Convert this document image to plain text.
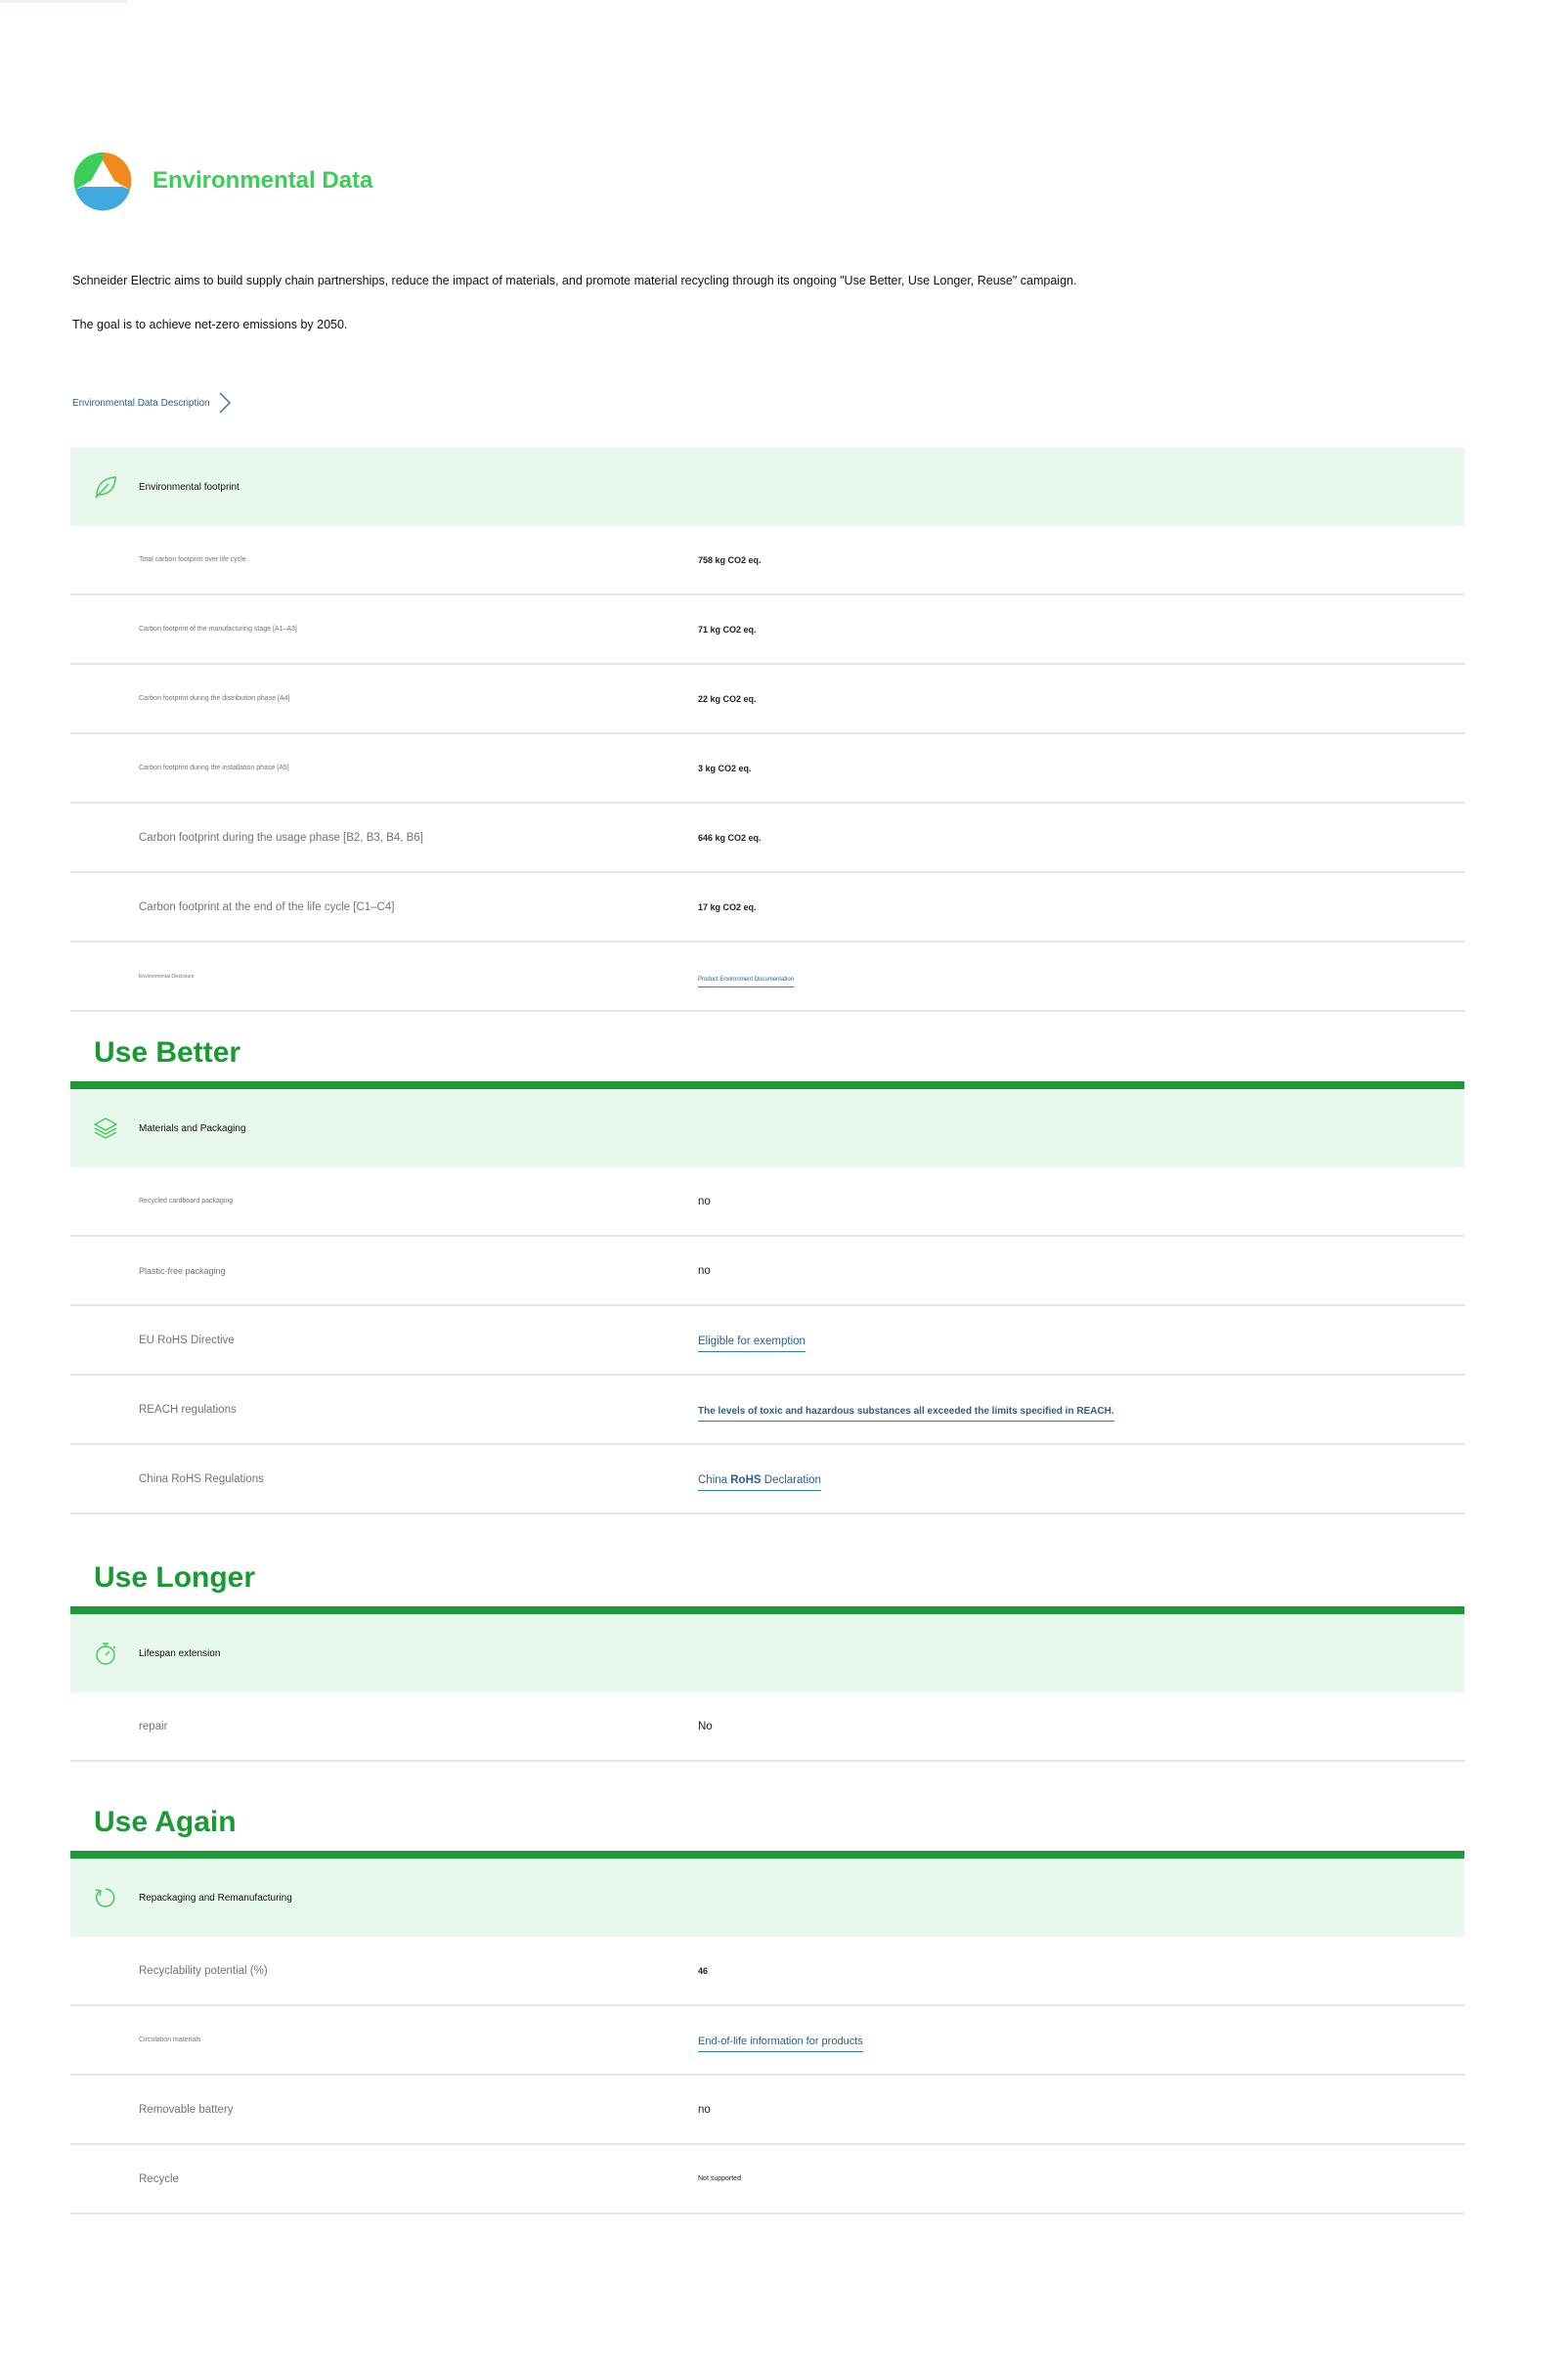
Environmental Data
Schneider Electric aims to build supply chain partnerships, reduce the impact of materials, and promote material recycling through its ongoing "Use Better, Use Longer, Reuse" campaign.
The goal is to achieve net-zero emissions by 2050.
Environmental Data Description
Environmental footprint
Total carbon footprint over life cycle	758 kg CO2 eq.
Carbon footprint of the manufacturing stage [A1–A3]	71 kg CO2 eq.
Carbon footprint during the distribution phase [A4]	22 kg CO2 eq.
Carbon footprint during the installation phase [A5]	3 kg CO2 eq.
Carbon footprint during the usage phase [B2, B3, B4, B6]	646 kg CO2 eq.
Carbon footprint at the end of the life cycle [C1–C4]	17 kg CO2 eq.
Environmental Disclosure	Product Environment Documentation
Use Better
Materials and Packaging
Recycled cardboard packaging	no
Plastic-free packaging	no
EU RoHS Directive	Eligible for exemption
REACH regulations	The levels of toxic and hazardous substances all exceeded the limits specified in REACH.
China RoHS Regulations	China RoHS Declaration
Use Longer
Lifespan extension
repair	No
Use Again
Repackaging and Remanufacturing
Recyclability potential (%)	46
Circulation materials	End-of-life information for products
Removable battery	no
Recycle	Not supported
